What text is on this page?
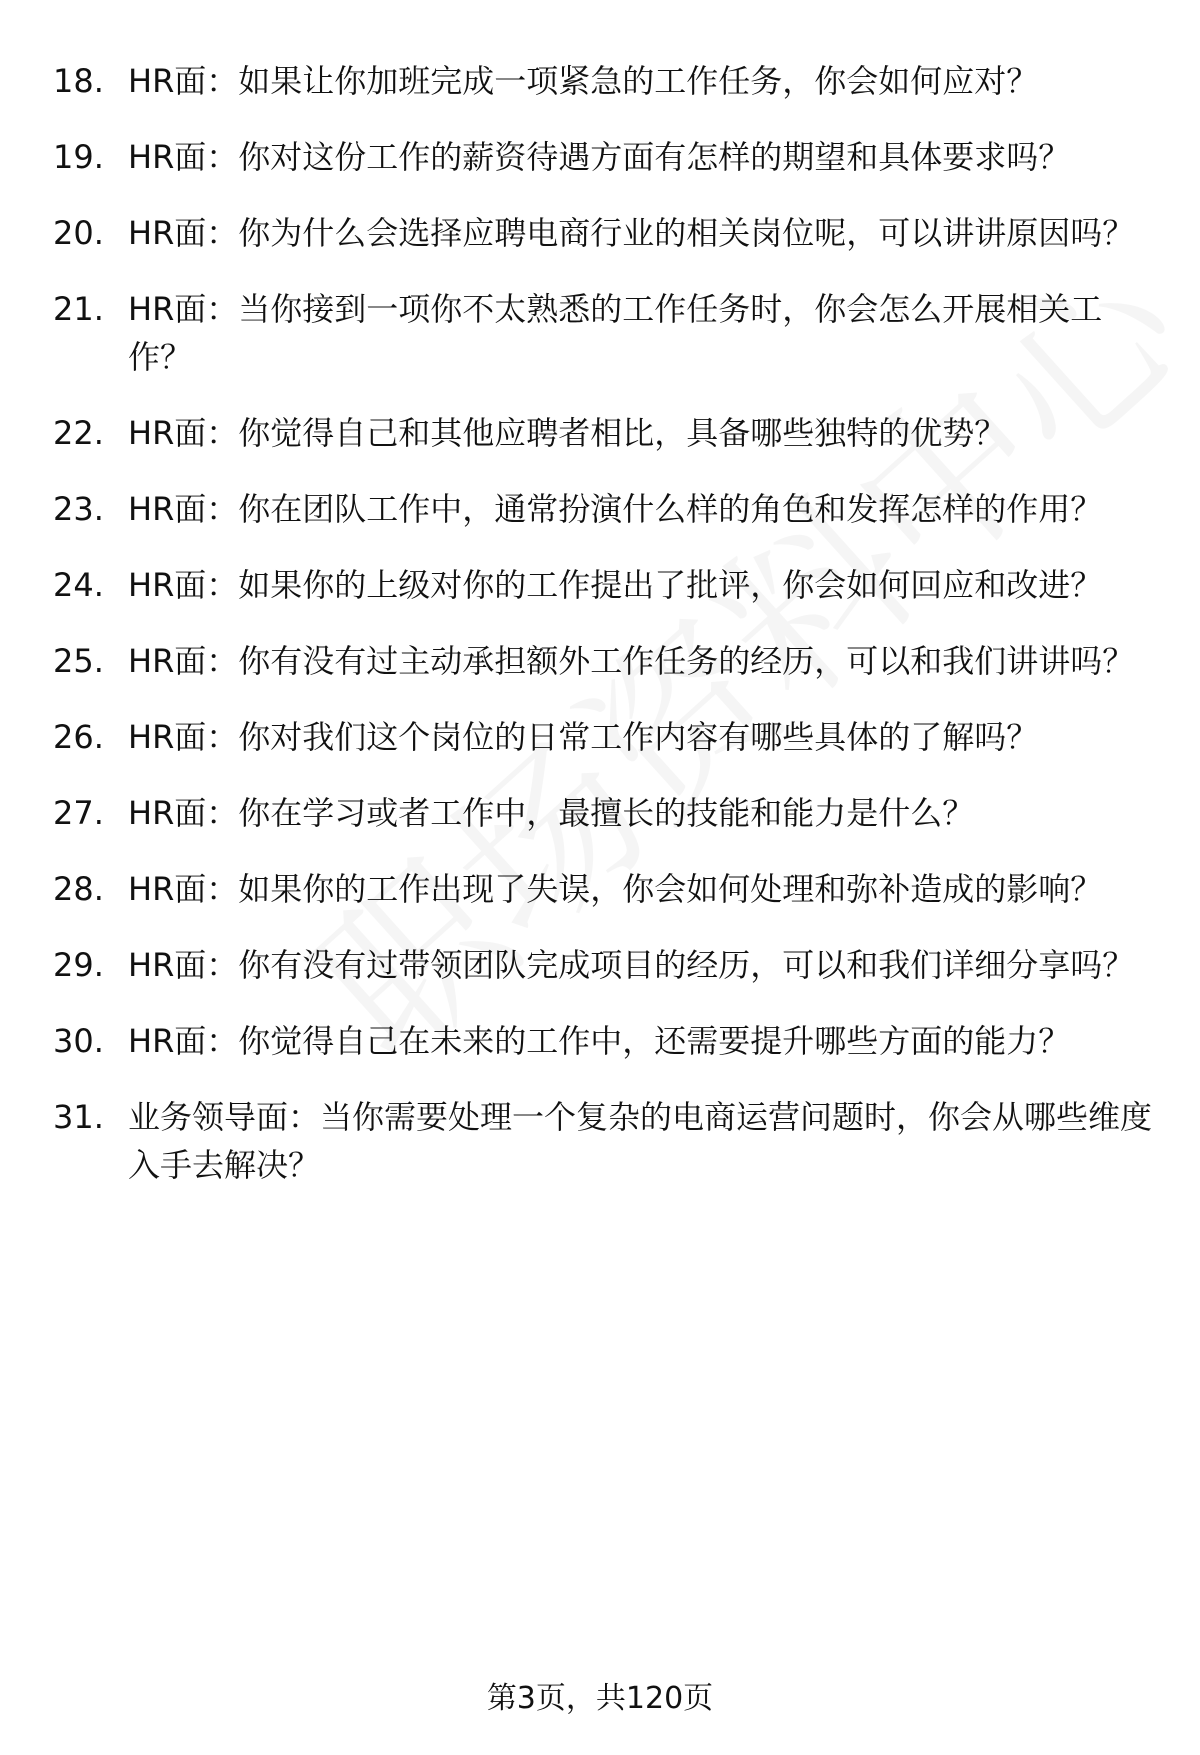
18. HR面：如果让你加班完成一项紧急的工作任务，你会如何应对？
19. HR面：你对这份工作的薪资待遇方面有怎样的期望和具体要求吗？
20. HR面：你为什么会选择应聘电商行业的相关岗位呢，可以讲讲原因吗？
21. HR面：当你接到一项你不太熟悉的工作任务时，你会怎么开展相关工作？
22. HR面：你觉得自己和其他应聘者相比，具备哪些独特的优势？
23. HR面：你在团队工作中，通常扮演什么样的角色和发挥怎样的作用？
24. HR面：如果你的上级对你的工作提出了批评，你会如何回应和改进？
25. HR面：你有没有过主动承担额外工作任务的经历，可以和我们讲讲吗？
26. HR面：你对我们这个岗位的日常工作内容有哪些具体的了解吗？
27. HR面：你在学习或者工作中，最擅长的技能和能力是什么？
28. HR面：如果你的工作出现了失误，你会如何处理和弥补造成的影响？
29. HR面：你有没有过带领团队完成项目的经历，可以和我们详细分享吗？
30. HR面：你觉得自己在未来的工作中，还需要提升哪些方面的能力？
31. 业务领导面：当你需要处理一个复杂的电商运营问题时，你会从哪些维度入手去解决？
第3页，共120页
